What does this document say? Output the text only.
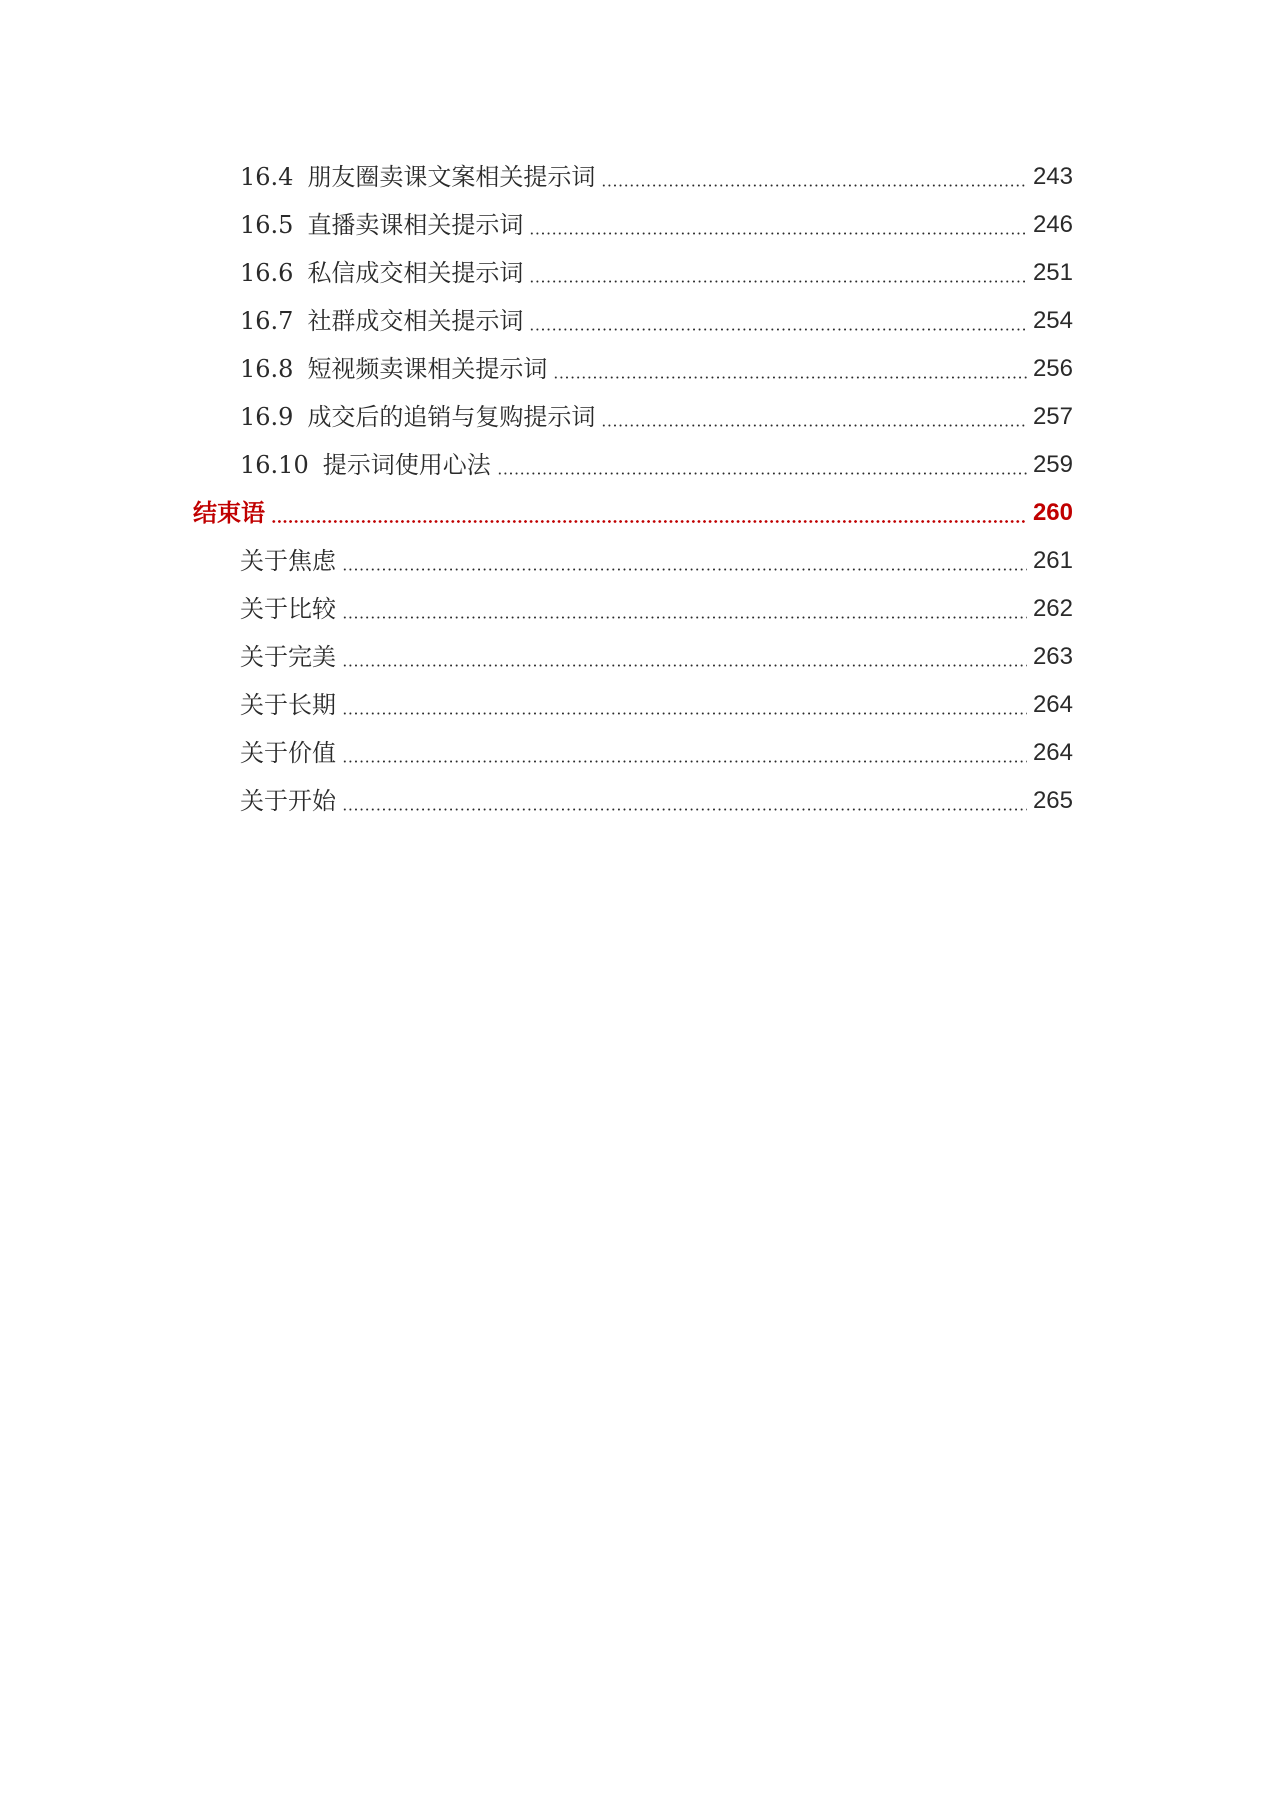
16.4 朋友圈卖课文案相关提示词	243
16.5 直播卖课相关提示词	246
16.6 私信成交相关提示词	251
16.7 社群成交相关提示词	254
16.8 短视频卖课相关提示词	256
16.9 成交后的追销与复购提示词	257
16.10 提示词使用心法	259
结束语	260
关于焦虑	261
关于比较	262
关于完美	263
关于长期	264
关于价值	264
关于开始	265
